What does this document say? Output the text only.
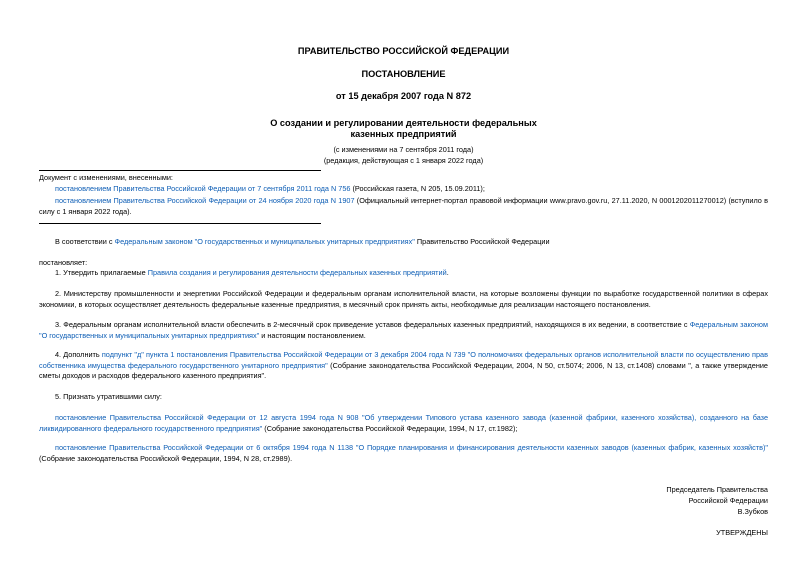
ПРАВИТЕЛЬСТВО РОССИЙСКОЙ ФЕДЕРАЦИИ
ПОСТАНОВЛЕНИЕ
от 15 декабря 2007 года N 872
О создании и регулировании деятельности федеральных
казенных предприятий
(с изменениями на 7 сентября 2011 года)
(редакция, действующая с 1 января 2022 года)
Документ с изменениями, внесенными:
постановлением Правительства Российской Федерации от 7 сентября 2011 года N 756 (Российская газета, N 205, 15.09.2011);
постановлением Правительства Российской Федерации от 24 ноября 2020 года N 1907 (Официальный интернет-портал правовой информации www.pravo.gov.ru, 27.11.2020, N 0001202011270012) (вступило в силу с 1 января 2022 года).
В соответствии с Федеральным законом "О государственных и муниципальных унитарных предприятиях" Правительство Российской Федерации
постановляет:
1. Утвердить прилагаемые Правила создания и регулирования деятельности федеральных казенных предприятий.
2. Министерству промышленности и энергетики Российской Федерации и федеральным органам исполнительной власти, на которые возложены функции по выработке государственной политики в сферах экономики, в которых осуществляет деятельность федеральные казенные предприятия, в месячный срок принять акты, необходимые для реализации настоящего постановления.
3. Федеральным органам исполнительной власти обеспечить в 2-месячный срок приведение уставов федеральных казенных предприятий, находящихся в их ведении, в соответствие с Федеральным законом "О государственных и муниципальных унитарных предприятиях" и настоящим постановлением.
4. Дополнить подпункт "д" пункта 1 постановления Правительства Российской Федерации от 3 декабря 2004 года N 739 "О полномочиях федеральных органов исполнительной власти по осуществлению прав собственника имущества федерального государственного унитарного предприятия" (Собрание законодательства Российской Федерации, 2004, N 50, ст.5074; 2006, N 13, ст.1408) словами ", а также утверждение сметы доходов и расходов федерального казенного предприятия".
5. Признать утратившими силу:
постановление Правительства Российской Федерации от 12 августа 1994 года N 908 "Об утверждении Типового устава казенного завода (казенной фабрики, казенного хозяйства), созданного на базе ликвидированного федерального государственного предприятия" (Собрание законодательства Российской Федерации, 1994, N 17, ст.1982);
постановление Правительства Российской Федерации от 6 октября 1994 года N 1138 "О Порядке планирования и финансирования деятельности казенных заводов (казенных фабрик, казенных хозяйств)" (Собрание законодательства Российской Федерации, 1994, N 28, ст.2989).
Председатель Правительства
Российской Федерации
В.Зубков
УТВЕРЖДЕНЫ
